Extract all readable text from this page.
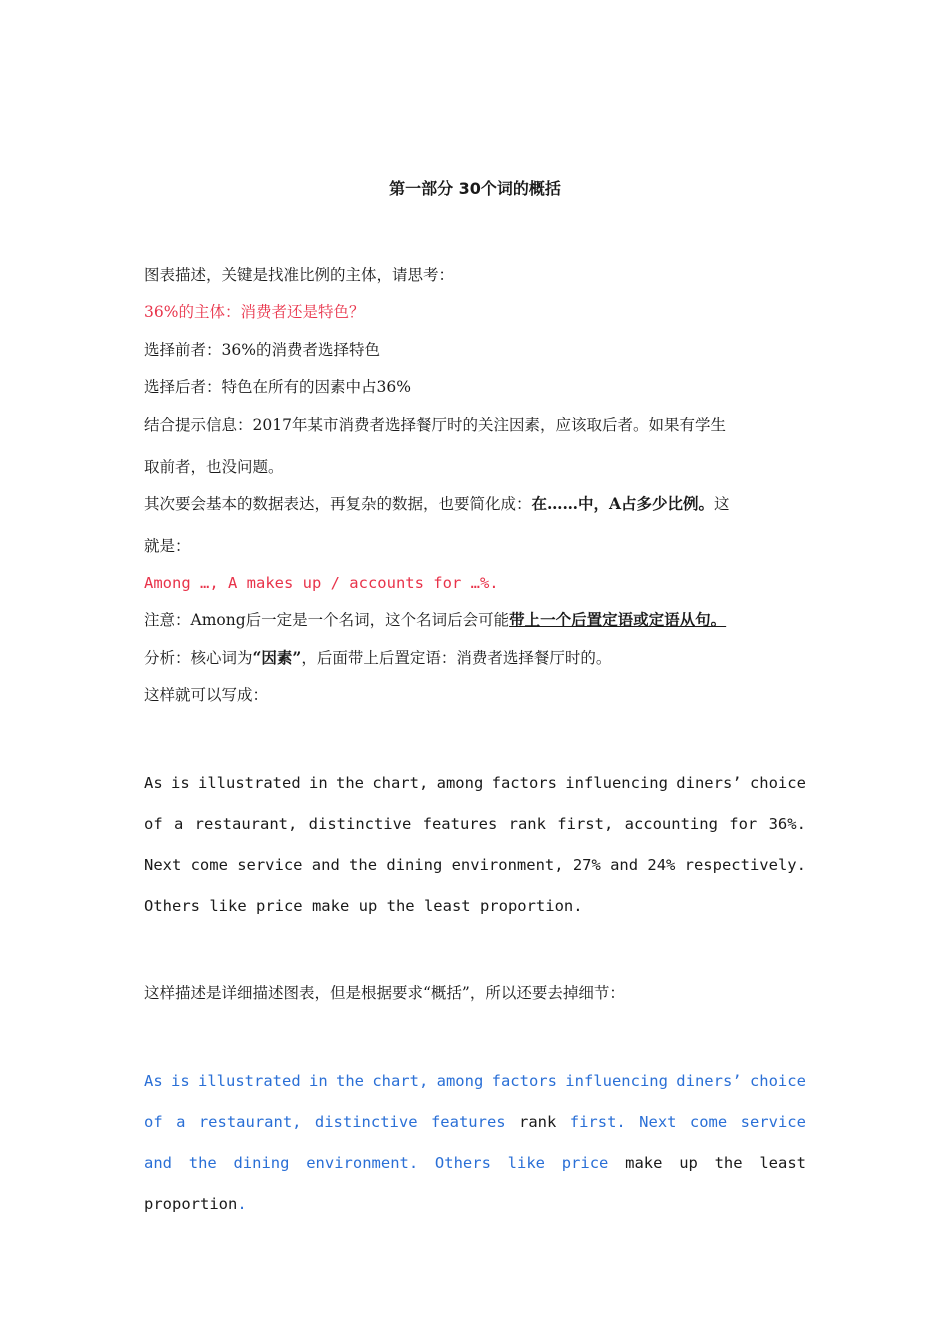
第一部分 30个词的概括
图表描述，关键是找准比例的主体，请思考：
36%的主体：消费者还是特色？
选择前者：36%的消费者选择特色
选择后者：特色在所有的因素中占36%
结合提示信息：2017年某市消费者选择餐厅时的关注因素，应该取后者。如果有学生
取前者，也没问题。
其次要会基本的数据表达，再复杂的数据，也要简化成：在……中，A占多少比例。这
就是：
Among …, A makes up / accounts for …%.
注意：Among后一定是一个名词，这个名词后会可能带上一个后置定语或定语从句。
分析：核心词为“因素”，后面带上后置定语：消费者选择餐厅时的。
这样就可以写成：
As is illustrated in the chart, among factors influencing diners’ choice
of a restaurant, distinctive features rank first, accounting for 36%.
Next come service and the dining environment, 27% and 24% respectively.
Others like price make up the least proportion.
这样描述是详细描述图表，但是根据要求“概括”，所以还要去掉细节：
As is illustrated in the chart, among factors influencing diners’ choice
of a restaurant, distinctive features rank first. Next come service
and the dining environment. Others like price make up the least
proportion.
